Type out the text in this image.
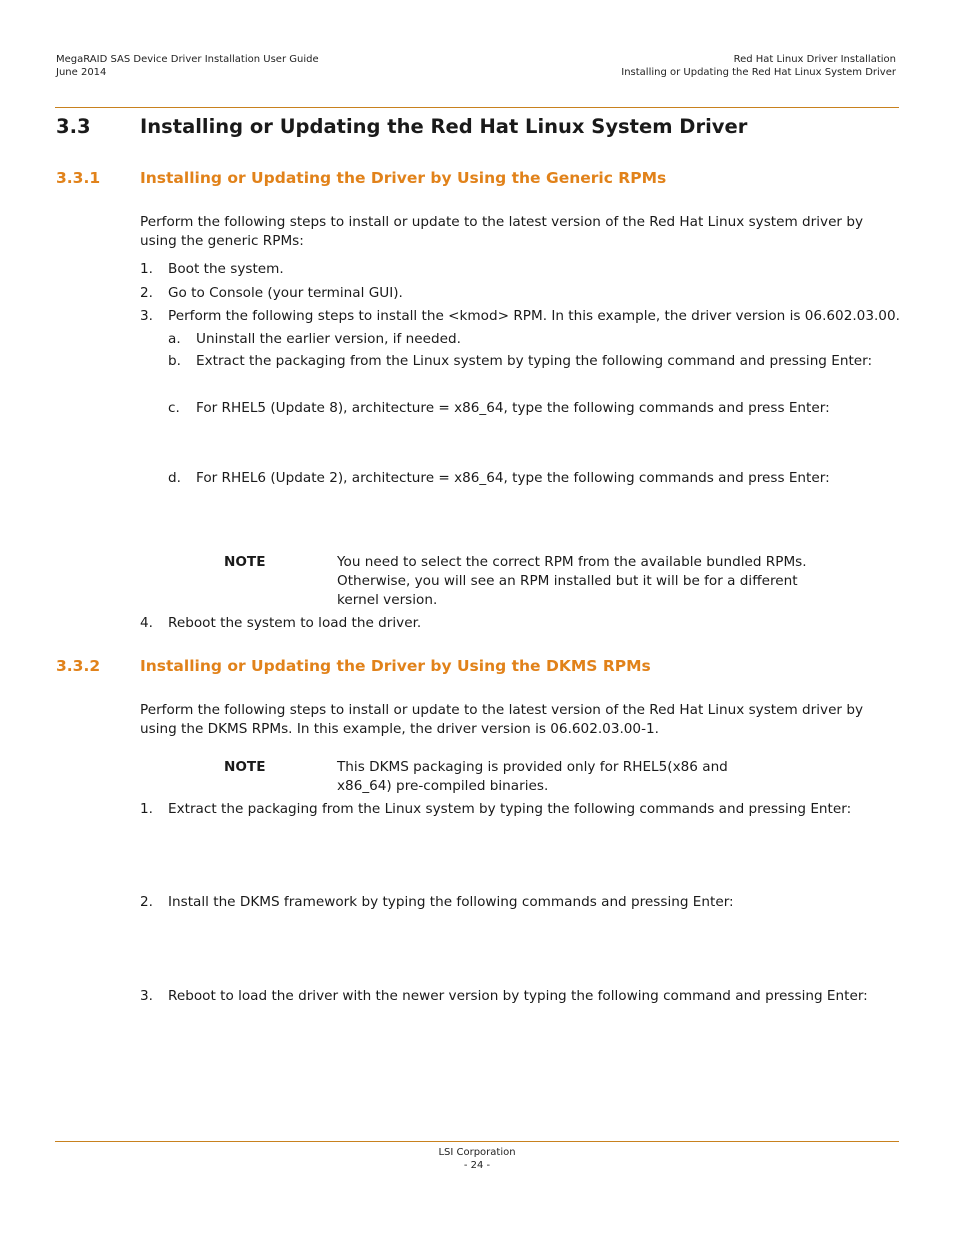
MegaRAID SAS Device Driver Installation User Guide
June 2014
Red Hat Linux Driver Installation
Installing or Updating the Red Hat Linux System Driver
3.3	Installing or Updating the Red Hat Linux System Driver
3.3.1	Installing or Updating the Driver by Using the Generic RPMs
Perform the following steps to install or update to the latest version of the Red Hat Linux system driver by using the generic RPMs:
1. Boot the system.
2. Go to Console (your terminal GUI).
3. Perform the following steps to install the <kmod> RPM. In this example, the driver version is 06.602.03.00.
a. Uninstall the earlier version, if needed.
b. Extract the packaging from the Linux system by typing the following command and pressing Enter:
c. For RHEL5 (Update 8), architecture = x86_64, type the following commands and press Enter:
d. For RHEL6 (Update 2), architecture = x86_64, type the following commands and press Enter:
NOTE	You need to select the correct RPM from the available bundled RPMs. Otherwise, you will see an RPM installed but it will be for a different kernel version.
4. Reboot the system to load the driver.
3.3.2	Installing or Updating the Driver by Using the DKMS RPMs
Perform the following steps to install or update to the latest version of the Red Hat Linux system driver by using the DKMS RPMs. In this example, the driver version is 06.602.03.00-1.
NOTE	This DKMS packaging is provided only for RHEL5(x86 and x86_64) pre-compiled binaries.
1. Extract the packaging from the Linux system by typing the following commands and pressing Enter:
2. Install the DKMS framework by typing the following commands and pressing Enter:
3. Reboot to load the driver with the newer version by typing the following command and pressing Enter:
LSI Corporation
- 24 -
